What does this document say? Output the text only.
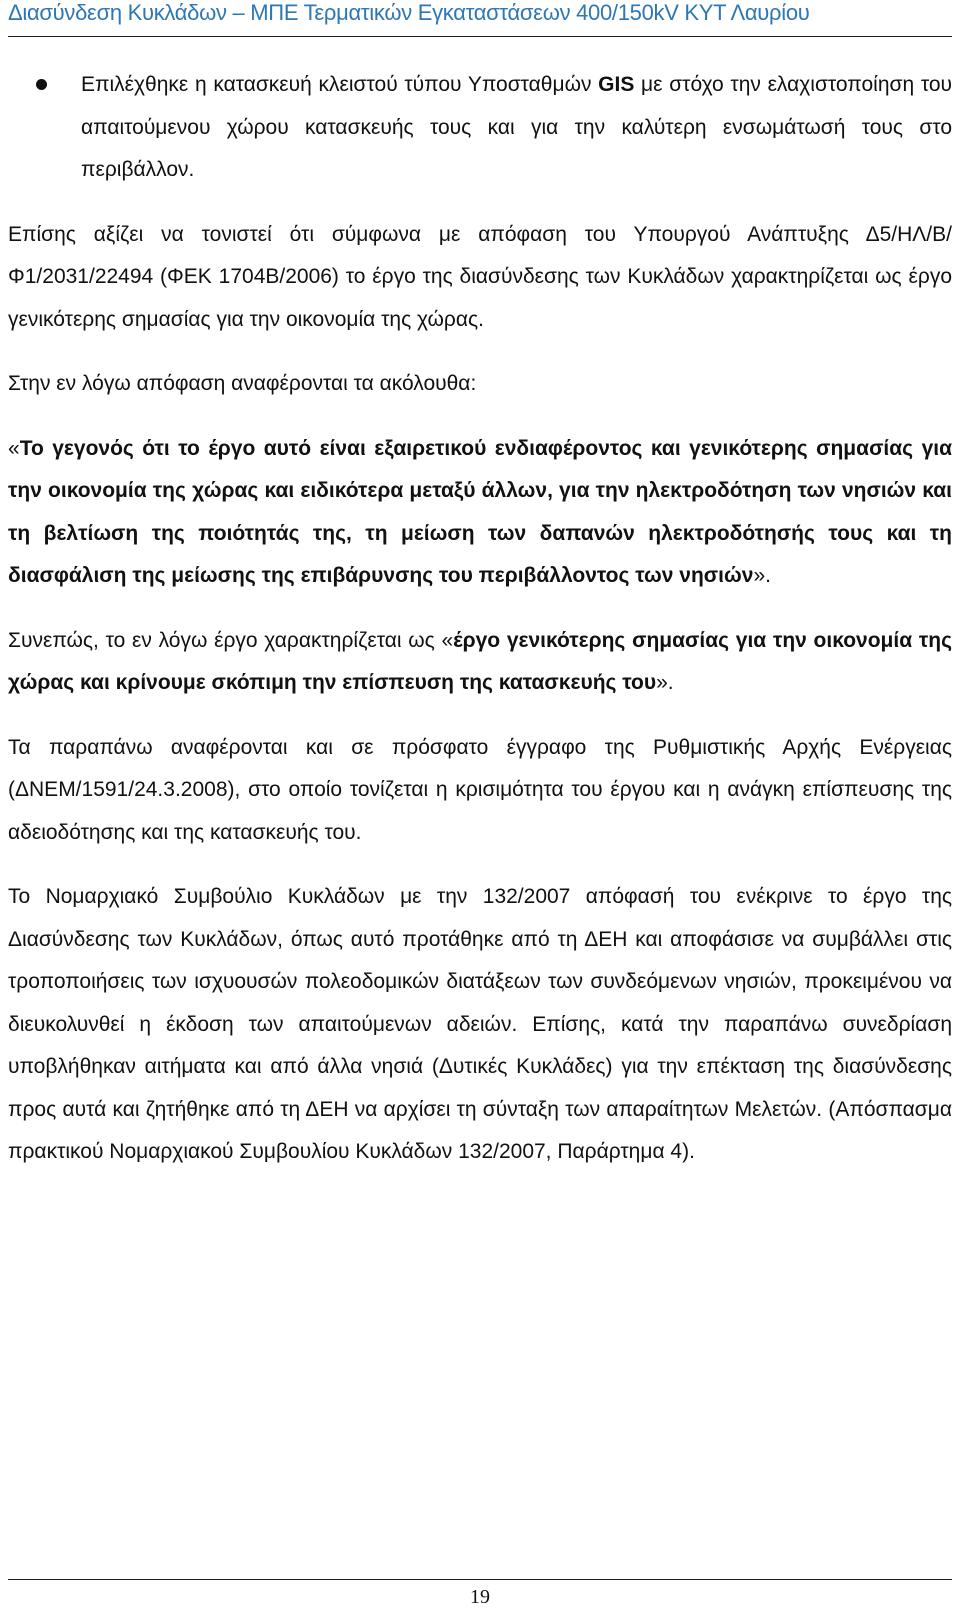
Διασύνδεση Κυκλάδων – ΜΠΕ Τερματικών Εγκαταστάσεων 400/150kV ΚΥΤ Λαυρίου

Επιλέχθηκε η κατασκευή κλειστού τύπου Υποσταθμών GIS με στόχο την ελαχιστοποίηση του απαιτούμενου χώρου κατασκευής τους και για την καλύτερη ενσωμάτωσή τους στο περιβάλλον.

Επίσης αξίζει να τονιστεί ότι σύμφωνα με απόφαση του Υπουργού Ανάπτυξης Δ5/ΗΛ/Β/Φ1/2031/22494 (ΦΕΚ 1704Β/2006) το έργο της διασύνδεσης των Κυκλάδων χαρακτηρίζεται ως έργο γενικότερης σημασίας για την οικονομία της χώρας.

Στην εν λόγω απόφαση αναφέρονται τα ακόλουθα:

«Το γεγονός ότι το έργο αυτό είναι εξαιρετικού ενδιαφέροντος και γενικότερης σημασίας για την οικονομία της χώρας και ειδικότερα μεταξύ άλλων, για την ηλεκτροδότηση των νησιών και τη βελτίωση της ποιότητάς της, τη μείωση των δαπανών ηλεκτροδότησής τους και τη διασφάλιση της μείωσης της επιβάρυνσης του περιβάλλοντος των νησιών».

Συνεπώς, το εν λόγω έργο χαρακτηρίζεται ως «έργο γενικότερης σημασίας για την οικονομία της χώρας και κρίνουμε σκόπιμη την επίσπευση της κατασκευής του».

Τα παραπάνω αναφέρονται και σε πρόσφατο έγγραφο της Ρυθμιστικής Αρχής Ενέργειας (ΔΝΕΜ/1591/24.3.2008), στο οποίο τονίζεται η κρισιμότητα του έργου και η ανάγκη επίσπευσης της αδειοδότησης και της κατασκευής του.

Το Νομαρχιακό Συμβούλιο Κυκλάδων με την 132/2007 απόφασή του ενέκρινε το έργο της Διασύνδεσης των Κυκλάδων, όπως αυτό προτάθηκε από τη ΔΕΗ και αποφάσισε να συμβάλλει στις τροποποιήσεις των ισχυουσών πολεοδομικών διατάξεων των συνδεόμενων νησιών, προκειμένου να διευκολυνθεί η έκδοση των απαιτούμενων αδειών. Επίσης, κατά την παραπάνω συνεδρίαση υποβλήθηκαν αιτήματα και από άλλα νησιά (Δυτικές Κυκλάδες) για την επέκταση της διασύνδεσης προς αυτά και ζητήθηκε από τη ΔΕΗ να αρχίσει τη σύνταξη των απαραίτητων Μελετών. (Απόσπασμα πρακτικού Νομαρχιακού Συμβουλίου Κυκλάδων 132/2007, Παράρτημα 4).

19
